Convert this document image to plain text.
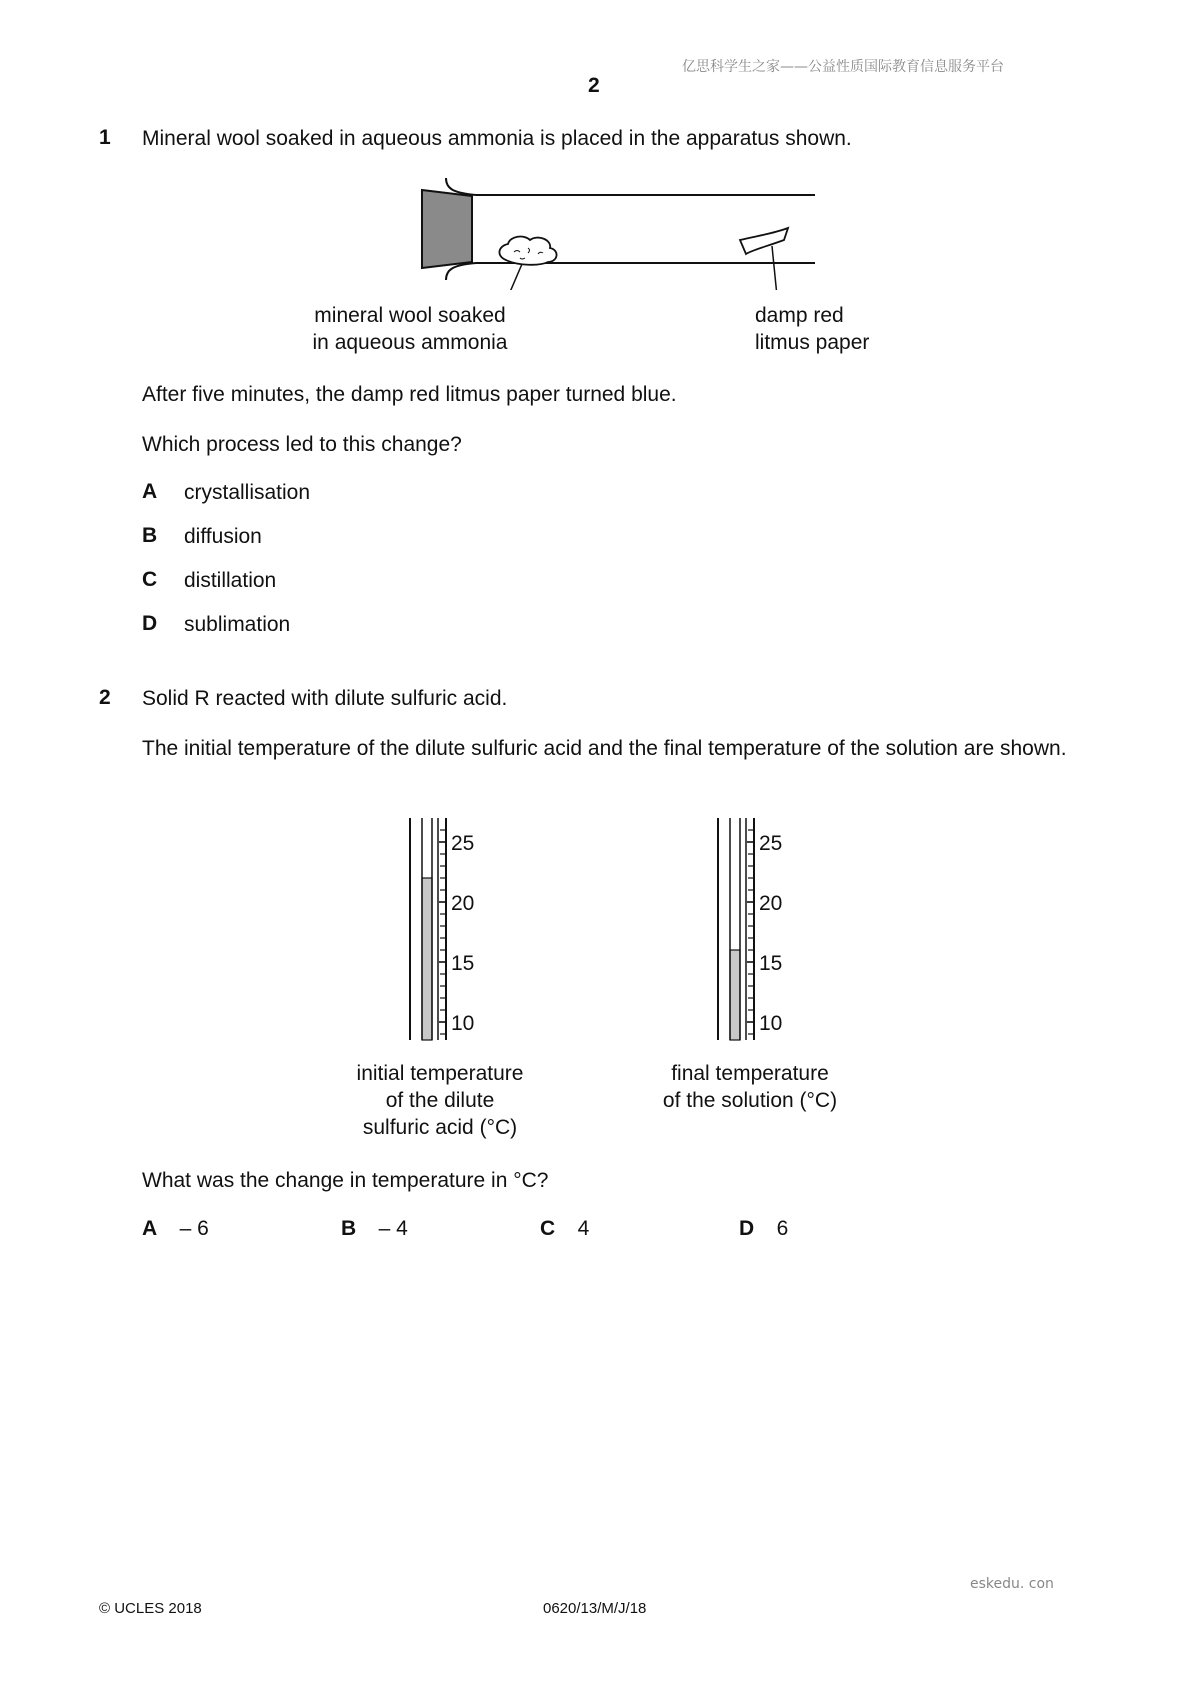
亿思科学生之家——公益性质国际教育信息服务平台
2
1 Mineral wool soaked in aqueous ammonia is placed in the apparatus shown.
mineral wool soaked
in aqueous ammonia
damp red
litmus paper
After five minutes, the damp red litmus paper turned blue.
Which process led to this change?
A crystallisation
B diffusion
C distillation
D sublimation
2 Solid R reacted with dilute sulfuric acid.
The initial temperature of the dilute sulfuric acid and the final temperature of the solution are shown.
25
20
15
10
25
20
15
10
initial temperature
of the dilute
sulfuric acid (°C)
final temperature
of the solution (°C)
What was the change in temperature in °C?
A – 6	B – 4	C 4	D 6
eskedu. con
© UCLES 2018	0620/13/M/J/18
